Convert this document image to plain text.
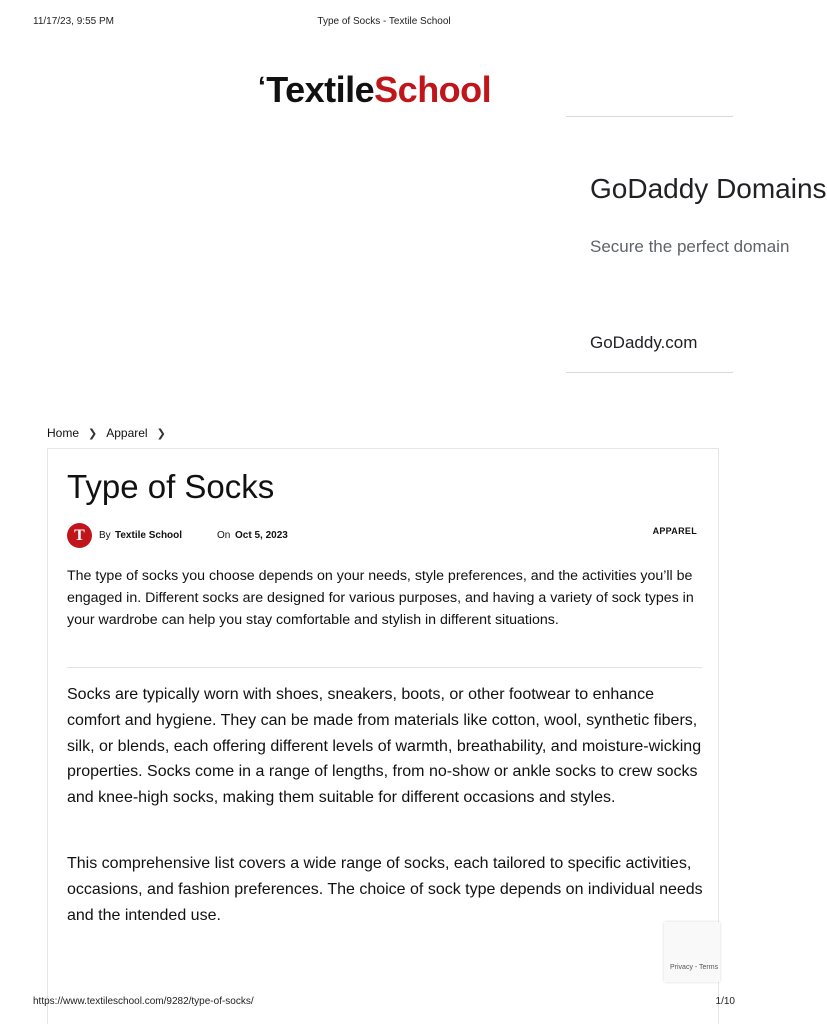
11/17/23, 9:55 PM	Type of Socks - Textile School
ʻTextileSchool
GoDaddy Domains
Secure the perfect domain
GoDaddy.com
Home ❯ Apparel ❯
Type of Socks
T	By Textile School	On Oct 5, 2023	APPAREL

The type of socks you choose depends on your needs, style preferences, and the activities you’ll be engaged in. Different socks are designed for various purposes, and having a variety of sock types in your wardrobe can help you stay comfortable and stylish in different situations.

Socks are typically worn with shoes, sneakers, boots, or other footwear to enhance comfort and hygiene. They can be made from materials like cotton, wool, synthetic fibers, silk, or blends, each offering different levels of warmth, breathability, and moisture-wicking properties. Socks come in a range of lengths, from no-show or ankle socks to crew socks and knee-high socks, making them suitable for different occasions and styles.

This comprehensive list covers a wide range of socks, each tailored to specific activities, occasions, and fashion preferences. The choice of sock type depends on individual needs and the intended use.

Privacy - Terms
https://www.textileschool.com/9282/type-of-socks/	1/10
